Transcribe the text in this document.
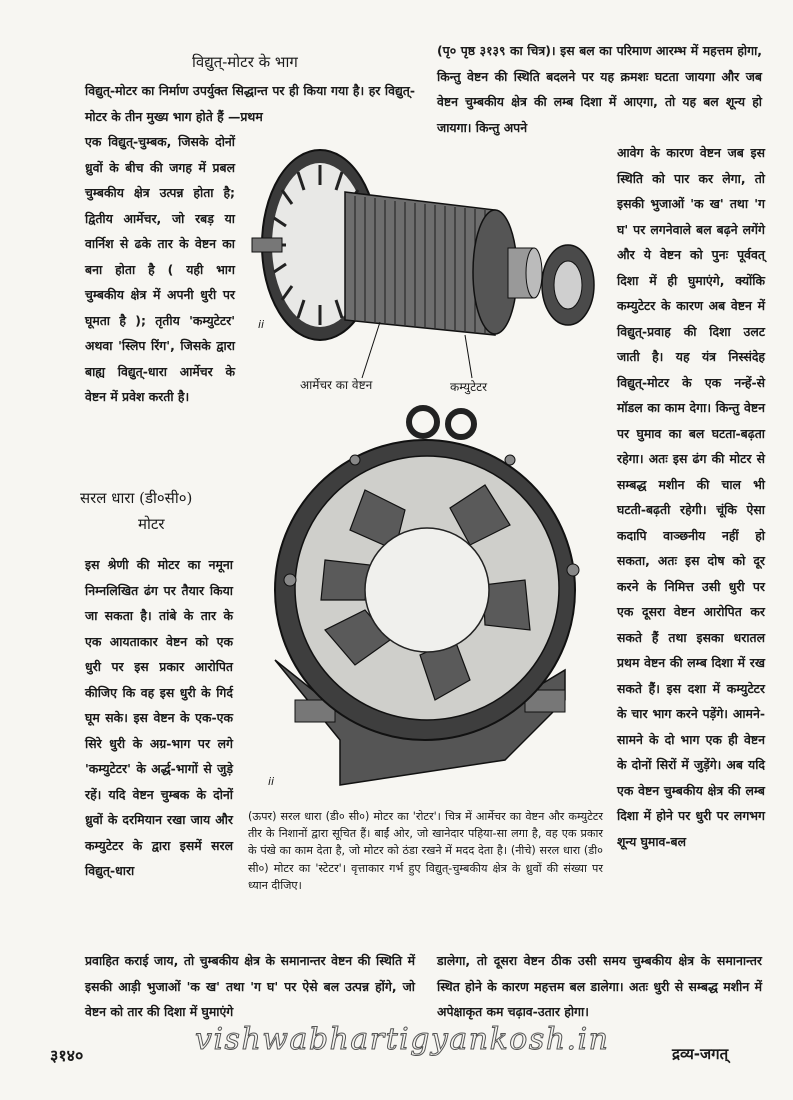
विद्युत्-मोटर के भाग

विद्युत्-मोटर का निर्माण उपर्युक्त सिद्धान्त पर ही किया गया है। हर विद्युत्-मोटर के तीन मुख्य भाग होते हैं —प्रथम

एक विद्युत्-चुम्बक, जिसके दोनों ध्रुवों के बीच की जगह में प्रबल चुम्बकीय क्षेत्र उत्पन्न होता है; द्वितीय आर्मेचर, जो रबड़ या वार्निश से ढके तार के वेष्टन का बना होता है ( यही भाग चुम्बकीय क्षेत्र में अपनी धुरी पर घूमता है ); तृतीय 'कम्युटेटर' अथवा 'स्लिप रिंग', जिसके द्वारा बाह्य विद्युत्-धारा आर्मेचर के वेष्टन में प्रवेश करती है।

सरल धारा (डी०सी०)
मोटर

इस श्रेणी की मोटर का नमूना निम्नलिखित ढंग पर तैयार किया जा सकता है। तांबे के तार के एक आयताकार वेष्टन को एक धुरी पर इस प्रकार आरोपित कीजिए कि वह इस धुरी के गिर्द घूम सके। इस वेष्टन के एक-एक सिरे धुरी के अग्र-भाग पर लगे 'कम्युटेटर' के अर्द्ध-भागों से जुड़े रहें। यदि वेष्टन चुम्बक के दोनों ध्रुवों के दरमियान रखा जाय और कम्युटेटर के द्वारा इसमें सरल विद्युत्-धारा

ii
आर्मेचर का वेष्टन	कम्युटेटर
ii

(ऊपर) सरल धारा (डी० सी०) मोटर का 'रोटर'। चित्र में आर्मेचर का वेष्टन और कम्युटेटर तीर के निशानों द्वारा सूचित हैं। बाईं ओर, जो खानेदार पहिया-सा लगा है, वह एक प्रकार के पंखे का काम देता है, जो मोटर को ठंडा रखने में मदद देता है। (नीचे) सरल धारा (डी० सी०) मोटर का 'स्टेटर'। वृत्ताकार गर्भ हुए विद्युत्-चुम्बकीय क्षेत्र के ध्रुवों की संख्या पर ध्यान दीजिए।

(पृ० पृष्ठ ३१३९ का चित्र)। इस बल का परिमाण आरम्भ में महत्तम होगा, किन्तु वेष्टन की स्थिति बदलने पर यह क्रमशः घटता जायगा और जब वेष्टन चुम्बकीय क्षेत्र की लम्ब दिशा में आएगा, तो यह बल शून्य हो जायगा। किन्तु अपने

आवेग के कारण वेष्टन जब इस स्थिति को पार कर लेगा, तो इसकी भुजाओं 'क ख' तथा 'ग घ' पर लगनेवाले बल बढ़ने लगेंगे और ये वेष्टन को पुनः पूर्ववत् दिशा में ही घुमाएंगे, क्योंकि कम्युटेटर के कारण अब वेष्टन में विद्युत्-प्रवाह की दिशा उलट जाती है। यह यंत्र निस्संदेह विद्युत्-मोटर के एक नन्हें-से मॉडल का काम देगा। किन्तु वेष्टन पर घुमाव का बल घटता-बढ़ता रहेगा। अतः इस ढंग की मोटर से सम्बद्ध मशीन की चाल भी घटती-बढ़ती रहेगी। चूंकि ऐसा कदापि वाञ्छनीय नहीं हो सकता, अतः इस दोष को दूर करने के निमित्त उसी धुरी पर एक दूसरा वेष्टन आरोपित कर सकते हैं तथा इसका धरातल प्रथम वेष्टन की लम्ब दिशा में रख सकते हैं। इस दशा में कम्युटेटर के चार भाग करने पड़ेंगे। आमने-सामने के दो भाग एक ही वेष्टन के दोनों सिरों में जुड़ेंगे। अब यदि एक वेष्टन चुम्बकीय क्षेत्र की लम्ब दिशा में होने पर धुरी पर लगभग शून्य घुमाव-बल

प्रवाहित कराई जाय, तो चुम्बकीय क्षेत्र के समानान्तर वेष्टन की स्थिति में इसकी आड़ी भुजाओं 'क ख' तथा 'ग घ' पर ऐसे बल उत्पन्न होंगे, जो वेष्टन को तार की दिशा में घुमाएंगे

डालेगा, तो दूसरा वेष्टन ठीक उसी समय चुम्बकीय क्षेत्र के समानान्तर स्थित होने के कारण महत्तम बल डालेगा। अतः धुरी से सम्बद्ध मशीन में अपेक्षाकृत कम चढ़ाव-उतार होगा।

vishwabhartigyankosh.in
३१४०	द्रव्य-जगत्
